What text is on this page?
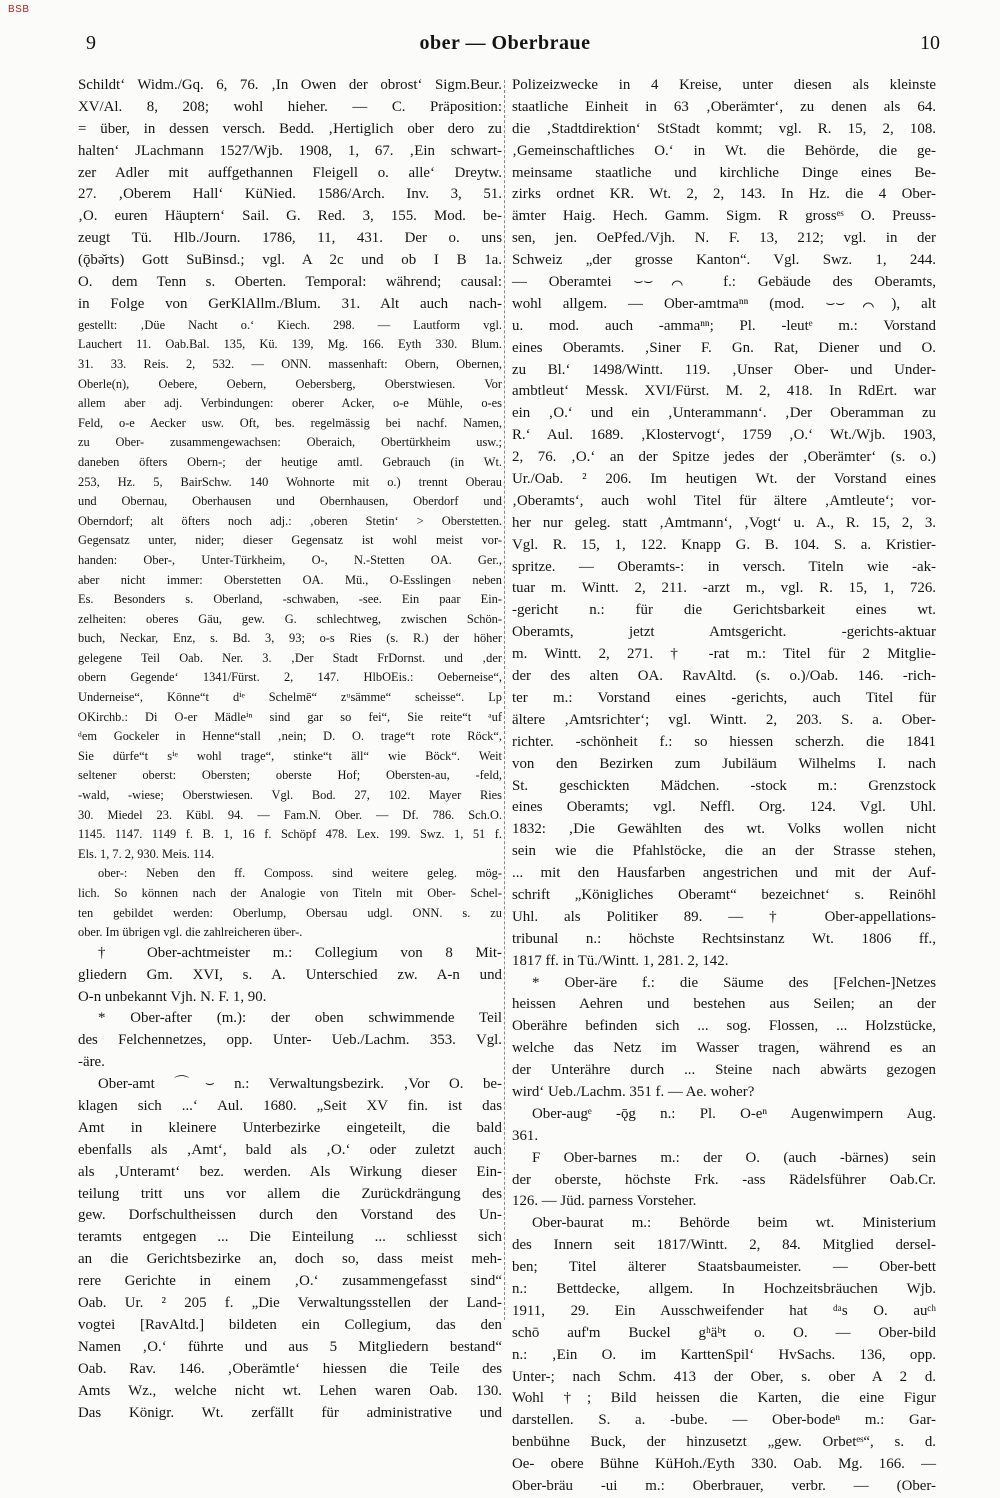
BSB
9	ober — Oberbraue	10
Schildt‘ Widm./Gq. 6, 76. ‚In Owen der obrost‘ Sigm.Beur.
XV/Al. 8, 208; wohl hieher. — C. Präposition:
= über, in dessen versch. Bedd. ‚Hertiglich ober dero zu
halten‘ JLachmann 1527/Wjb. 1908, 1, 67. ‚Ein schwart-
zer Adler mit auffgethannen Fleigell o. alle‘ Dreytw.
27. ‚Oberem Hall‘ KüNied. 1586/Arch. Inv. 3, 51.
‚O. euren Häuptern‘ Sail. G. Red. 3, 155. Mod. be-
zeugt Tü. Hlb./Journ. 1786, 11, 431. Der o. uns
(ǭbə̆rts) Gott SuBinsd.; vgl. A 2c und ob I B 1a.
O. dem Tenn s. Oberten. Temporal: während; causal:
in Folge von GerKlAllm./Blum. 31. Alt auch nach-
gestellt: ‚Düe Nacht o.‘ Kiech. 298. — Lautform vgl.
Lauchert 11. Oab.Bal. 135, Kü. 139, Mg. 166. Eyth 330. Blum.
31. 33. Reis. 2, 532. — ONN. massenhaft: Obern, Obernen,
Oberle(n), Oebere, Oebern, Oebersberg, Oberstwiesen. Vor
allem aber adj. Verbindungen: oberer Acker, o-e Mühle, o-es
Feld, o-e Aecker usw. Oft, bes. regelmässig bei nachf. Namen,
zu Ober- zusammengewachsen: Oberaich, Obertürkheim usw.;
daneben öfters Obern-; der heutige amtl. Gebrauch (in Wt.
253, Hz. 5, BairSchw. 140 Wohnorte mit o.) trennt Oberau
und Obernau, Oberhausen und Obernhausen, Oberdorf und
Oberndorf; alt öfters noch adj.: ‚oberen Stetin‘ > Oberstetten.
Gegensatz unter, nider; dieser Gegensatz ist wohl meist vor-
handen: Ober-, Unter-Türkheim, O-, N.-Stetten OA. Ger.,
aber nicht immer: Oberstetten OA. Mü., O-Esslingen neben
Es. Besonders s. Oberland, -schwaben, -see. Ein paar Ein-
zelheiten: oberes Gäu, gew. G. schlechtweg, zwischen Schön-
buch, Neckar, Enz, s. Bd. 3, 93; o-s Ries (s. R.) der höher
gelegene Teil Oab. Ner. 3. ‚Der Stadt FrDornst. und ‚der
obern Gegende‘ 1341/Fürst. 2, 147. HlbOEis.: Oeberneise“,
Underneise“, Könne“t dⁱᵉ Schelmē“ zᵘsämme“ scheisse“. Lp
OKirchb.: Di O-er Mädleⁱⁿ sind gar so fei“, Sie reite“t ᵃuf
ᵈem Gockeler in Henne“stall ‚nein; D. O. trage“t rote Röck“,
Sie dürfe“t sⁱᵉ wohl trage“, stinke“t äll“ wie Böck“. Weit
seltener oberst: Obersten; oberste Hof; Obersten-au, -feld,
-wald, -wiese; Oberstwiesen. Vgl. Bod. 27, 102. Mayer Ries
30. Miedel 23. Kübl. 94. — Fam.N. Ober. — Df. 786. Sch.O.
1145. 1147. 1149 f. B. 1, 16 f. Schöpf 478. Lex. 199. Swz. 1, 51 f.
Els. 1, 7. 2, 930. Meis. 114.
ober-: Neben den ff. Composs. sind weitere geleg. mög-
lich. So können nach der Analogie von Titeln mit Ober- Schel-
ten gebildet werden: Oberlump, Obersau udgl. ONN. s. zu
ober. Im übrigen vgl. die zahlreicheren über-.
† Ober-achtmeister m.: Collegium von 8 Mit-
gliedern Gm. XVI, s. A. Unterschied zw. A-n und
O-n unbekannt Vjh. N. F. 1, 90.
* Ober-after (m.): der oben schwimmende Teil
des Felchennetzes, opp. Unter- Ueb./Lachm. 353. Vgl.
-äre.
Ober-amt ⌒⌣ n.: Verwaltungsbezirk. ‚Vor O. be-
klagen sich ...‘ Aul. 1680. „Seit XV fin. ist das
Amt in kleinere Unterbezirke eingeteilt, die bald
ebenfalls als ‚Amt‘, bald als ‚O.‘ oder zuletzt auch
als ‚Unteramt‘ bez. werden. Als Wirkung dieser Ein-
teilung tritt uns vor allem die Zurückdrängung des
gew. Dorfschultheissen durch den Vorstand des Un-
teramts entgegen ... Die Einteilung ... schliesst sich
an die Gerichtsbezirke an, doch so, dass meist meh-
rere Gerichte in einem ‚O.‘ zusammengefasst sind“
Oab. Ur. ² 205 f. „Die Verwaltungsstellen der Land-
vogtei [RavAltd.] bildeten ein Collegium, das den
Namen ‚O.‘ führte und aus 5 Mitgliedern bestand“
Oab. Rav. 146. ‚Oberämtle‘ hiessen die Teile des
Amts Wz., welche nicht wt. Lehen waren Oab. 130.
Das Königr. Wt. zerfällt für administrative und
Polizeizwecke in 4 Kreise, unter diesen als kleinste
staatliche Einheit in 63 ‚Oberämter‘, zu denen als 64.
die ‚Stadtdirektion‘ StStadt kommt; vgl. R. 15, 2, 108.
‚Gemeinschaftliches O.‘ in Wt. die Behörde, die ge-
meinsame staatliche und kirchliche Dinge eines Be-
zirks ordnet KR. Wt. 2, 2, 143. In Hz. die 4 Ober-
ämter Haig. Hech. Gamm. Sigm. R grossᵉˢ O. Preuss-
sen, jen. OePfed./Vjh. N. F. 13, 212; vgl. in der
Schweiz „der grosse Kanton“. Vgl. Swz. 1, 244.
— Oberamtei ⌣⌣⌒ f.: Gebäude des Oberamts,
wohl allgem. — Ober-amtmaⁿⁿ (mod. ⌣⌣⌒), alt
u. mod. auch -ammaⁿⁿ; Pl. -leutᵉ m.: Vorstand
eines Oberamts. ‚Siner F. Gn. Rat, Diener und O.
zu Bl.‘ 1498/Wintt. 119. ‚Unser Ober- und Under-
ambtleut‘ Messk. XVI/Fürst. M. 2, 418. In RdErt. war
ein ‚O.‘ und ein ‚Unterammann‘. ‚Der Oberamman zu
R.‘ Aul. 1689. ‚Klostervogt‘, 1759 ‚O.‘ Wt./Wjb. 1903,
2, 76. ‚O.‘ an der Spitze jedes der ‚Oberämter‘ (s. o.)
Ur./Oab. ² 206. Im heutigen Wt. der Vorstand eines
‚Oberamts‘, auch wohl Titel für ältere ‚Amtleute‘; vor-
her nur geleg. statt ‚Amtmann‘, ‚Vogt‘ u. A., R. 15, 2, 3.
Vgl. R. 15, 1, 122. Knapp G. B. 104. S. a. Kristier-
spritze. — Oberamts-: in versch. Titeln wie -ak-
tuar m. Wintt. 2, 211. -arzt m., vgl. R. 15, 1, 726.
-gericht n.: für die Gerichtsbarkeit eines wt.
Oberamts, jetzt Amtsgericht. -gerichts-aktuar
m. Wintt. 2, 271. † -rat m.: Titel für 2 Mitglie-
der des alten OA. RavAltd. (s. o.)/Oab. 146. -rich-
ter m.: Vorstand eines -gerichts, auch Titel für
ältere ‚Amtsrichter‘; vgl. Wintt. 2, 203. S. a. Ober-
richter. -schönheit f.: so hiessen scherzh. die 1841
von den Bezirken zum Jubiläum Wilhelms I. nach
St. geschickten Mädchen. -stock m.: Grenzstock
eines Oberamts; vgl. Neffl. Org. 124. Vgl. Uhl.
1832: ‚Die Gewählten des wt. Volks wollen nicht
sein wie die Pfahlstöcke, die an der Strasse stehen,
... mit den Hausfarben angestrichen und mit der Auf-
schrift „Königliches Oberamt“ bezeichnet‘ s. Reinöhl
Uhl. als Politiker 89. — † Ober-appellations-
tribunal n.: höchste Rechtsinstanz Wt. 1806 ff.,
1817 ff. in Tü./Wintt. 1, 281. 2, 142.
* Ober-äre f.: die Säume des [Felchen-]Netzes
heissen Aehren und bestehen aus Seilen; an der
Oberähre befinden sich ... sog. Flossen, ... Holzstücke,
welche das Netz im Wasser tragen, während es an
der Unterähre durch ... Steine nach abwärts gezogen
wird‘ Ueb./Lachm. 351 f. — Ae. woher?
Ober-augᵉ -ǭg n.: Pl. O-eⁿ Augenwimpern Aug.
361.
F Ober-barnes m.: der O. (auch -bärnes) sein
der oberste, höchste Frk. -ass Rädelsführer Oab.Cr.
126. — Jüd. parness Vorsteher.
Ober-baurat m.: Behörde beim wt. Ministerium
des Innern seit 1817/Wintt. 2, 84. Mitglied dersel-
ben; Titel älterer Staatsbaumeister. — Ober-bett
n.: Bettdecke, allgem. In Hochzeitsbräuchen Wjb.
1911, 29. Ein Ausschweifender hat ᵈᵃs O. auᶜʰ
schō auf'm Buckel gʰäᵇt o. O. — Ober-bild
n.: ‚Ein O. im KarttenSpil‘ HvSachs. 136, opp.
Unter-; nach Schm. 413 der Ober, s. ober A 2 d.
Wohl †; Bild heissen die Karten, die eine Figur
darstellen. S. a. -bube. — Ober-bodeⁿ m.: Gar-
benbühne Buck, der hinzusetzt „gew. Orbetᵉˢ“, s. d.
Oe- obere Bühne KüHoh./Eyth 330. Oab. Mg. 166. —
Ober-bräu -ui m.: Oberbrauer, verbr. — (Ober-
